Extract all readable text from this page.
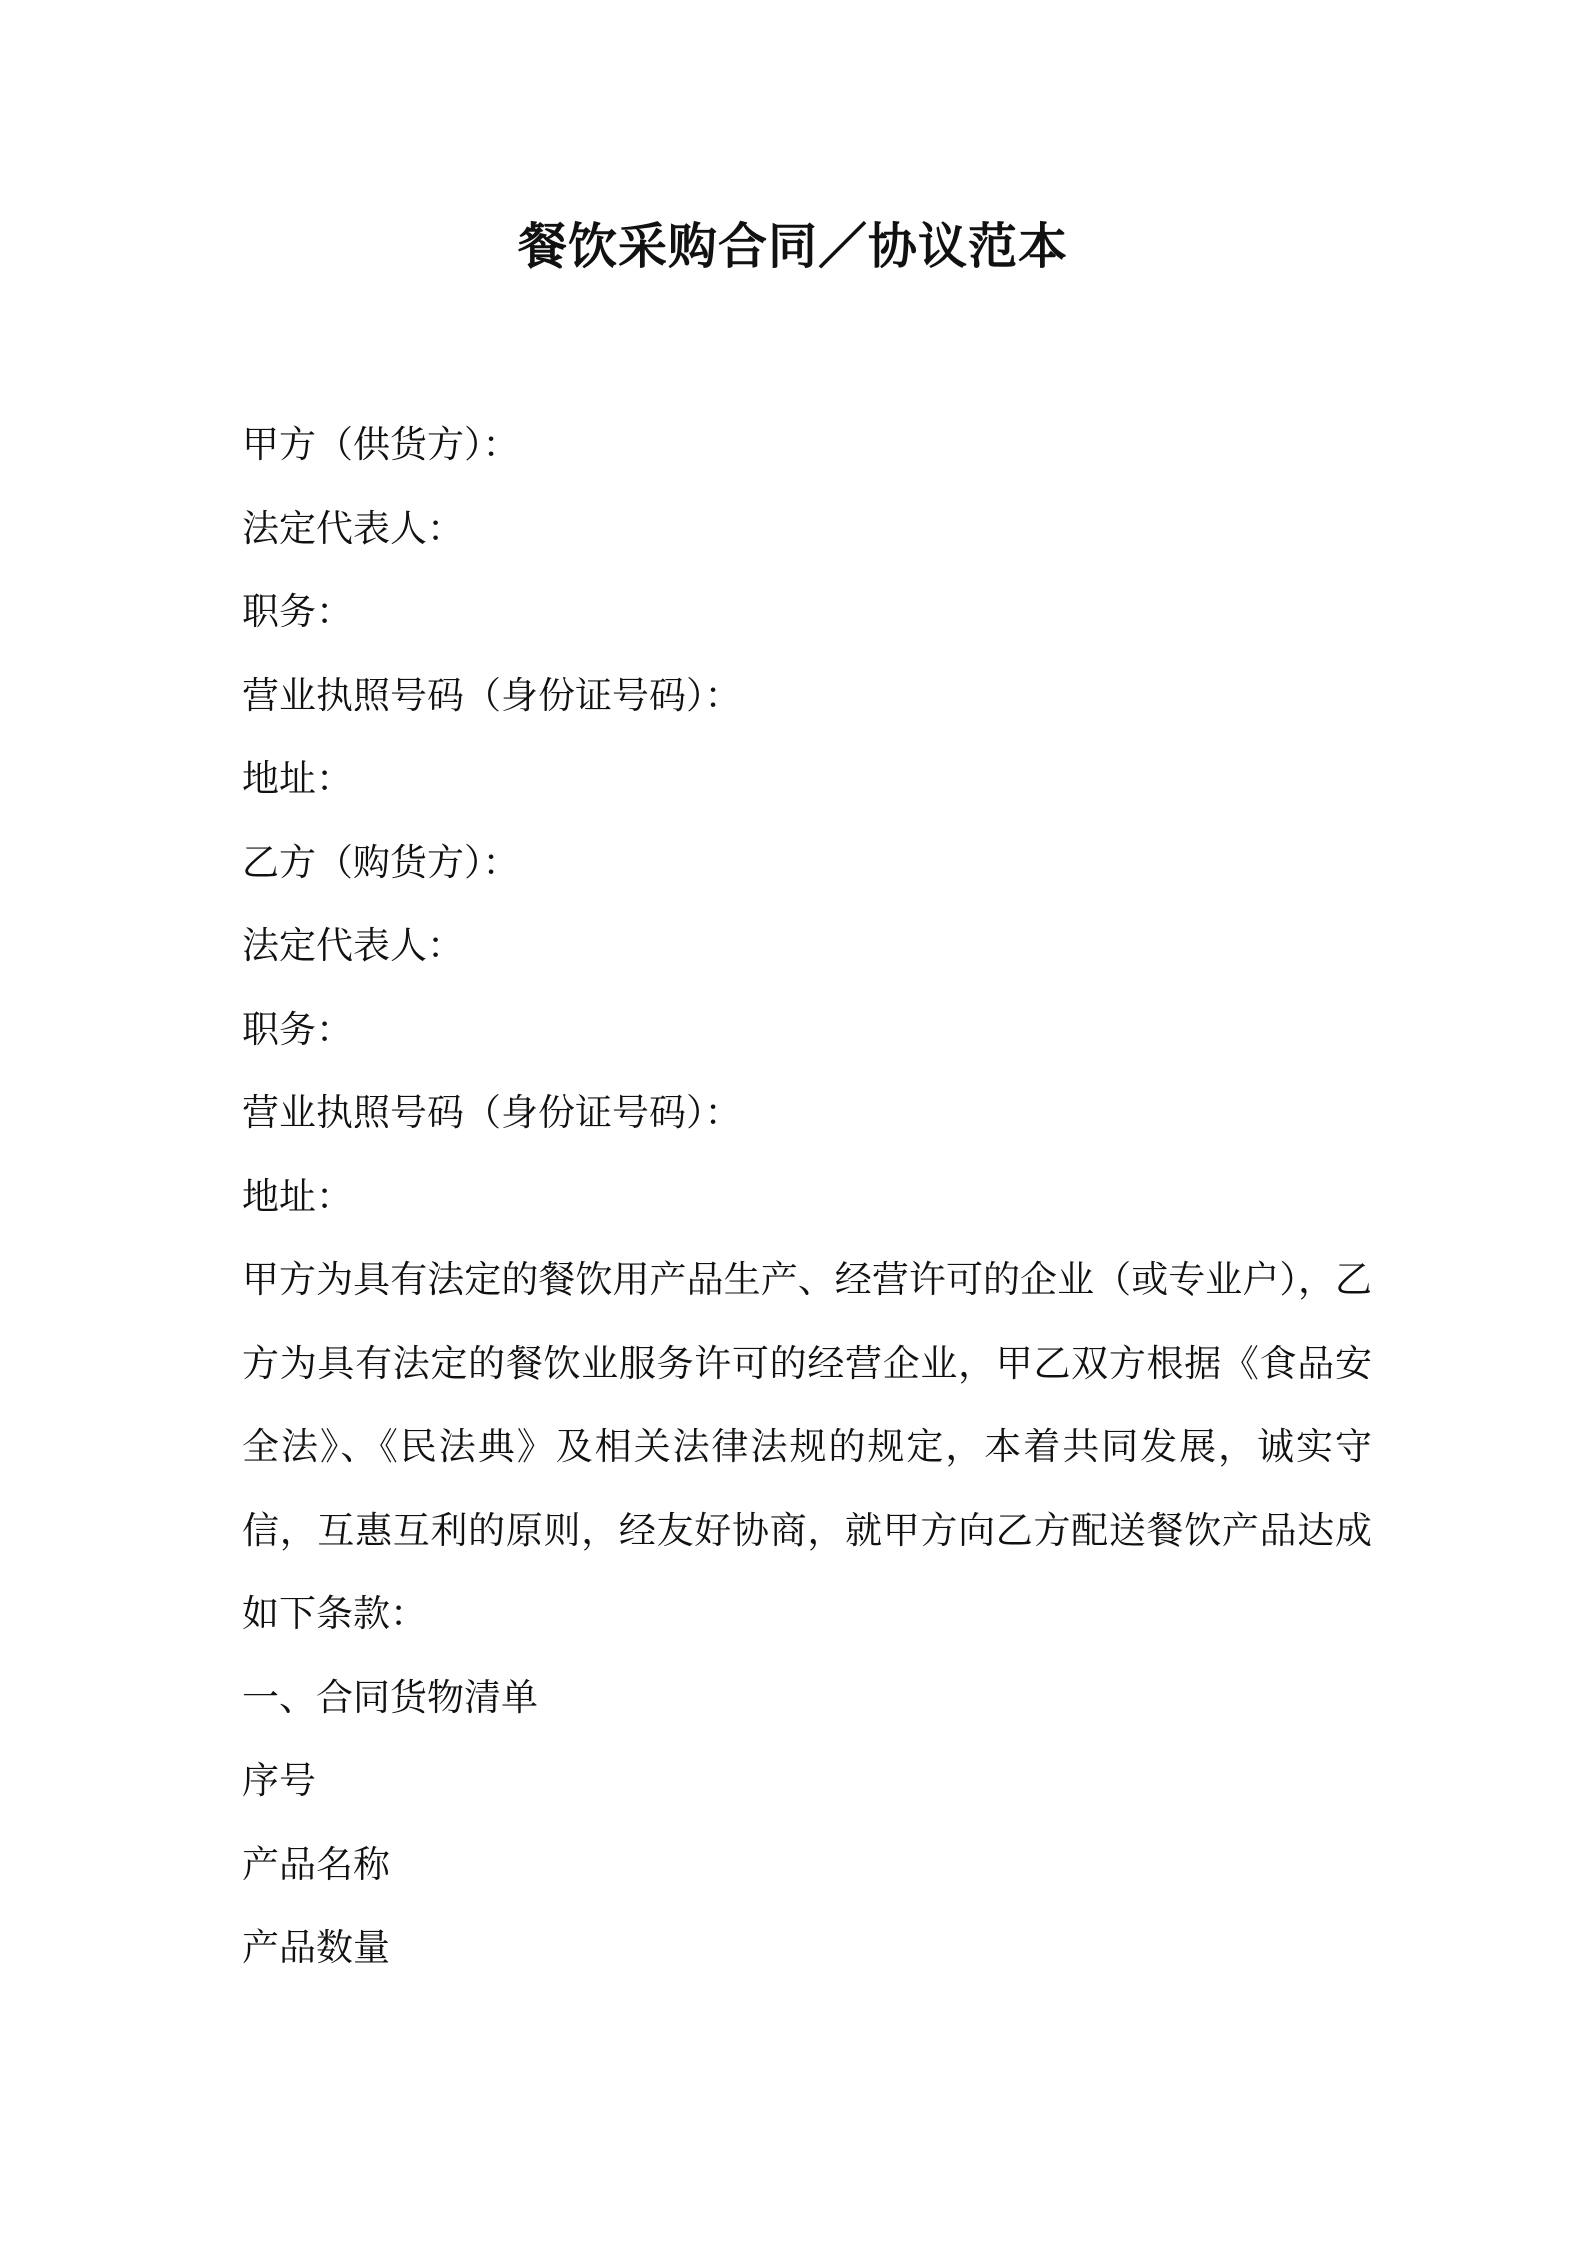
餐饮采购合同／协议范本
甲方（供货方）：
法定代表人：
职务：
营业执照号码（身份证号码）：
地址：
乙方（购货方）：
法定代表人：
职务：
营业执照号码（身份证号码）：
地址：
甲方为具有法定的餐饮用产品生产、经营许可的企业（或专业户），乙方为具有法定的餐饮业服务许可的经营企业，甲乙双方根据《食品安全法》、《民法典》及相关法律法规的规定，本着共同发展，诚实守信，互惠互利的原则，经友好协商，就甲方向乙方配送餐饮产品达成如下条款：
一、合同货物清单
序号
产品名称
产品数量
